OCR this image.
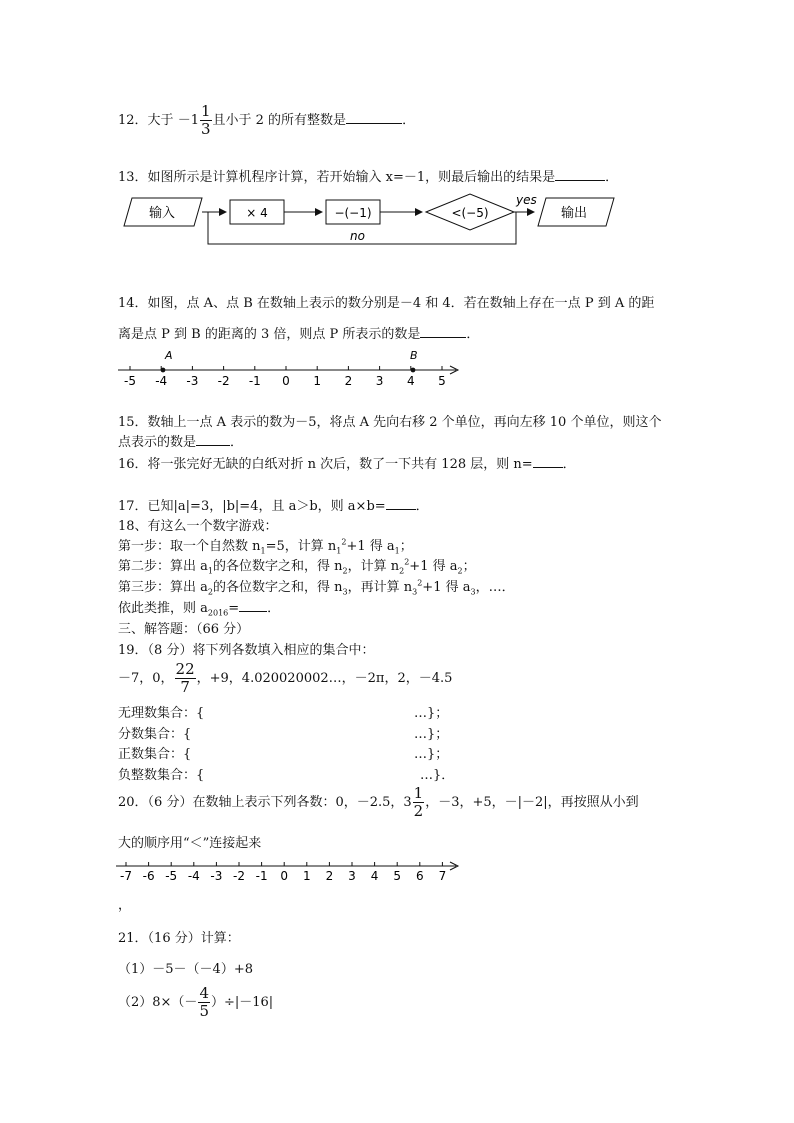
12．大于 $-1 \frac{1}{3}$ 且小于 2 的所有整数是	．
13．如图所示是计算机程序计算，若开始输入 x=－1，则最后输出的结果是	．
输入	× 4	−(−1)	<(−5)
yes
输出
no
14．如图，点 A、点 B 在数轴上表示的数分别是－4 和 4．若在数轴上存在一点 P 到 A 的距
离是点 P 到 B 的距离的 3 倍，则点 P 所表示的数是	．
-5 -4 -3 -2 -1 0 1 2 3 4 5
A	B
15．数轴上一点 A 表示的数为－5，将点 A 先向右移 2 个单位，再向左移 10 个单位，则这个
点表示的数是	．
16．将一张完好无缺的白纸对折 n 次后，数了一下共有 128 层，则 n= ．
17．已知|a|=3，|b|=4，且 a＞b，则 a×b= ．
18、有这么一个数字游戏：
第一步：取一个自然数 $n_1=5$，计算 $n_1^2+1$ 得 $a_1$；
第二步：算出 $a_1$的各位数字之和，得 $n_2$，计算 $n_2^2+1$ 得 $a_2$；
第三步：算出 $a_2$的各位数字之和，得 $n_3$，再计算 $n_3^2+1$ 得 $a_3$，…．
依此类推，则 $a_{2016}=$ ．
三、解答题：（66 分）
19．（8 分）将下列各数填入相应的集合中：
－7，0， $\frac{22}{7}$ ，+9，4.020020002…，－2π，2，－4.5
无理数集合：{	…}；
分数集合：{	…}；
正数集合：{	…}；
负整数集合：{	…}．
20．（6 分）在数轴上表示下列各数：0，－2.5，$3 \frac{1}{2}$ ，－3，+5，－|－2|，再按照从小到
大的顺序用“＜”连接起来
-7 -6 -5 -4 -3 -2 -1 0 1 2 3 4 5 6 7
，
21．（16 分）计算：
（1）－5－（－4）+8
$(2)8\times(- \frac{4}{5} )\div|-16|$
